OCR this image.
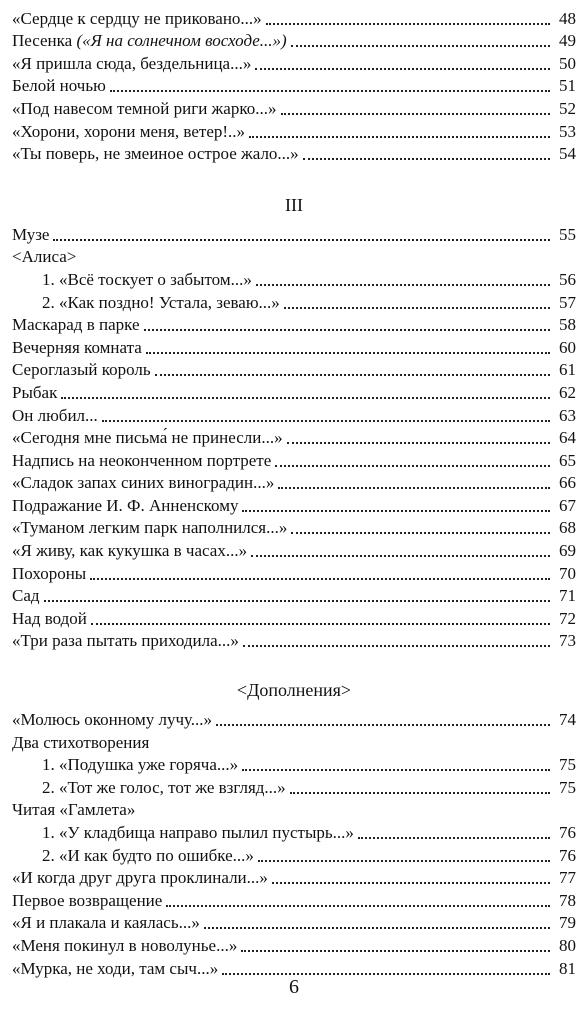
«Сердце к сердцу не приковано...»	48
Песенка («Я на солнечном восходе...»)	49
«Я пришла сюда, бездельница...»	50
Белой ночью	51
«Под навесом темной риги жарко...»	52
«Хорони, хорони меня, ветер!..»	53
«Ты поверь, не змеиное острое жало...»	54
III
Музе	55
<Алиса>
1. «Всё тоскует о забытом...»	56
2. «Как поздно! Устала, зеваю...»	57
Маскарад в парке	58
Вечерняя комната	60
Сероглазый король	61
Рыбак	62
Он любил...	63
«Сегодня мне письма́ не принесли...»	64
Надпись на неоконченном портрете	65
«Сладок запах синих виноградин...»	66
Подражание И. Ф. Анненскому	67
«Туманом легким парк наполнился...»	68
«Я живу, как кукушка в часах...»	69
Похороны	70
Сад	71
Над водой	72
«Три раза пытать приходила...»	73
<Дополнения>
«Молюсь оконному лучу...»	74
Два стихотворения
1. «Подушка уже горяча...»	75
2. «Тот же голос, тот же взгляд...»	75
Читая «Гамлета»
1. «У кладбища направо пылил пустырь...»	76
2. «И как будто по ошибке...»	76
«И когда друг друга проклинали...»	77
Первое возвращение	78
«Я и плакала и каялась...»	79
«Меня покинул в новолунье...»	80
«Мурка, не ходи, там сыч...»	81
6
